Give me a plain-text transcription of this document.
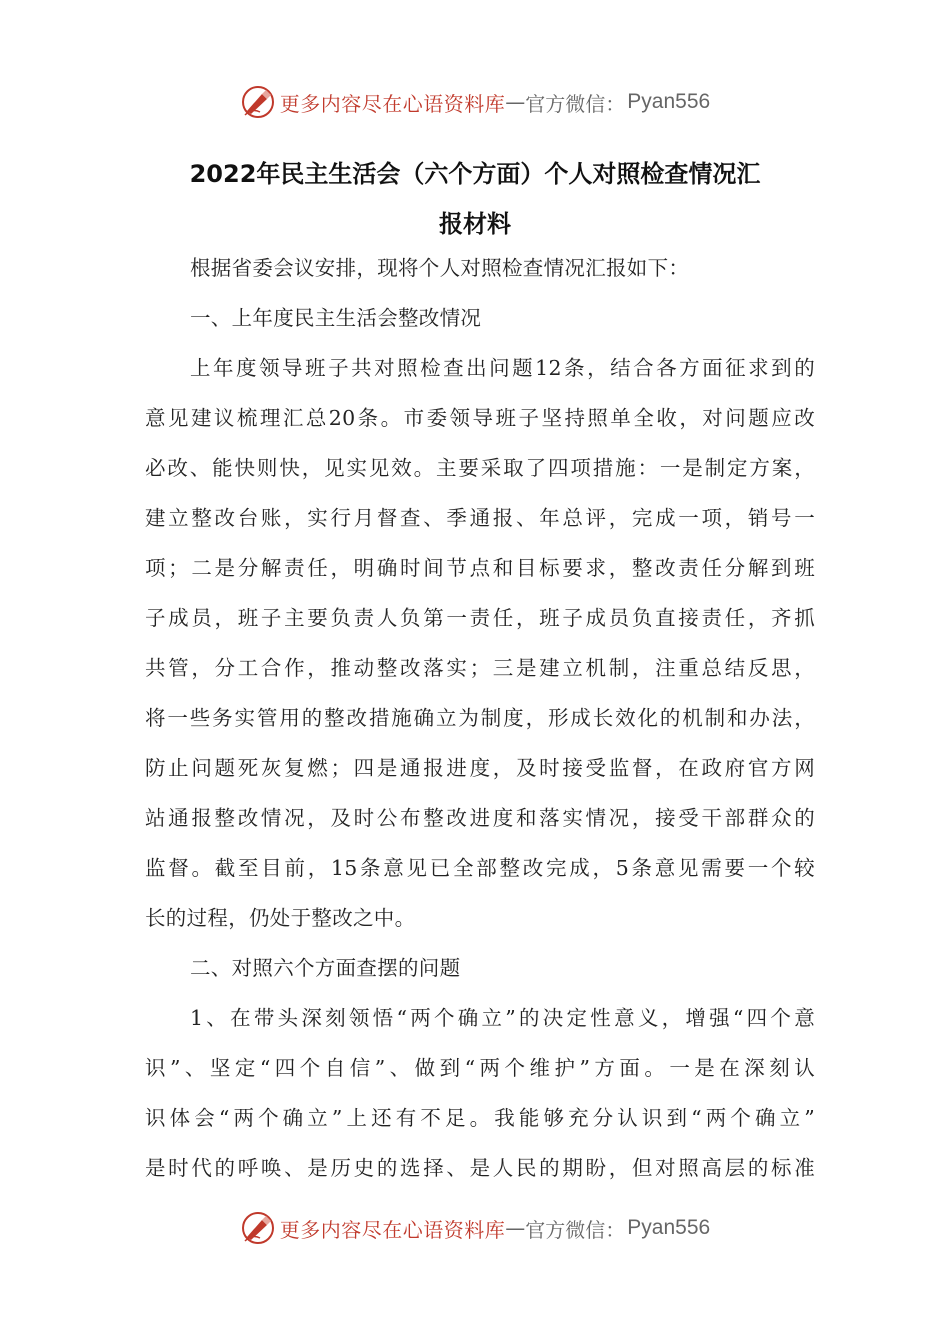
更多内容尽在心语资料库 — 官方微信： Pyan556
2022年民主生活会（六个方面）个人对照检查情况汇
报材料
根据省委会议安排，现将个人对照检查情况汇报如下：
一、上年度民主生活会整改情况
上年度领导班子共对照检查出问题12条，结合各方面征求到的
意见建议梳理汇总20条。市委领导班子坚持照单全收，对问题应改
必改、能快则快，见实见效。主要采取了四项措施：一是制定方案，
建立整改台账，实行月督查、季通报、年总评，完成一项，销号一
项；二是分解责任，明确时间节点和目标要求，整改责任分解到班
子成员，班子主要负责人负第一责任，班子成员负直接责任，齐抓
共管，分工合作，推动整改落实；三是建立机制，注重总结反思，
将一些务实管用的整改措施确立为制度，形成长效化的机制和办法，
防止问题死灰复燃；四是通报进度，及时接受监督，在政府官方网
站通报整改情况，及时公布整改进度和落实情况，接受干部群众的
监督。截至目前，15条意见已全部整改完成，5条意见需要一个较
长的过程，仍处于整改之中。
二、对照六个方面查摆的问题
1、在带头深刻领悟“两个确立”的决定性意义，增强“四个意
识”、坚定“四个自信”、做到“两个维护”方面。一是在深刻认
识体会“两个确立”上还有不足。我能够充分认识到“两个确立”
是时代的呼唤、是历史的选择、是人民的期盼，但对照高层的标准
更多内容尽在心语资料库 — 官方微信： Pyan556
